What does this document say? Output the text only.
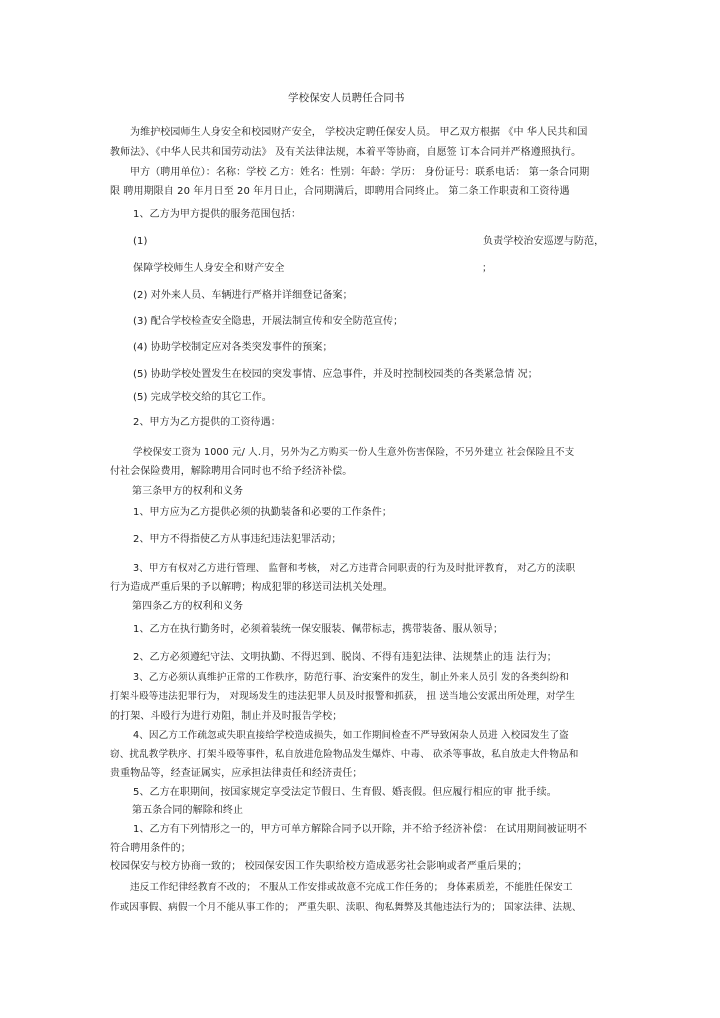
学校保安人员聘任合同书
为维护校园师生人身安全和校园财产安全， 学校决定聘任保安人员。 甲乙双方根据 《中 华人民共和国
教师法》、《中华人民共和国劳动法》 及有关法律法规，本着平等协商，自愿签 订本合同并严格遵照执行。
甲方（聘用单位）：名称：学校 乙方：姓名：性别：年龄：学历： 身份证号：联系电话： 第一条合同期
限 聘用期限自 20 年月日至 20 年月日止，合同期满后，即聘用合同终止。 第二条工作职责和工资待遇
1、乙方为甲方提供的服务范围包括：
(1)	负责学校治安巡逻与防范，
保障学校师生人身安全和财产安全	；
(2) 对外来人员、车辆进行严格并详细登记备案；
(3) 配合学校检查安全隐患，开展法制宣传和安全防范宣传；
(4) 协助学校制定应对各类突发事件的预案；
(5) 协助学校处置发生在校园的突发事情、应急事件，并及时控制校园类的各类紧急情 况；
(5) 完成学校交给的其它工作。
2、甲方为乙方提供的工资待遇：
学校保安工资为 1000 元/ 人.月，另外为乙方购买一份人生意外伤害保险，不另外建立 社会保险且不支
付社会保险费用，解除聘用合同时也不给予经济补偿。
第三条甲方的权利和义务
1、甲方应为乙方提供必须的执勤装备和必要的工作条件；
2、甲方不得指使乙方从事违纪违法犯罪活动；
3、甲方有权对乙方进行管理、 监督和考核， 对乙方违背合同职责的行为及时批评教育， 对乙方的渎职
行为造成严重后果的予以解聘；构成犯罪的移送司法机关处理。
第四条乙方的权利和义务
1、乙方在执行勤务时，必须着装统一保安服装、佩带标志，携带装备、服从领导；
2、乙方必须遵纪守法、文明执勤、不得迟到、脱岗、不得有违犯法律、法规禁止的违 法行为；
3、乙方必须认真维护正常的工作秩序，防范行事、治安案件的发生，制止外来人员引 发的各类纠纷和
打架斗殴等违法犯罪行为， 对现场发生的违法犯罪人员及时报警和抓获， 扭 送当地公安派出所处理，对学生
的打架、斗殴行为进行劝阻，制止并及时报告学校；
4、因乙方工作疏忽或失职直接给学校造成损失，如工作期间检查不严导致闲杂人员进 入校园发生了盗
窃、扰乱教学秩序、打架斗殴等事件，私自放进危险物品发生爆炸、中毒、 砍杀等事故，私自放走大件物品和
贵重物品等，经查证属实，应承担法律责任和经济责任；
5、乙方在职期间，按国家规定享受法定节假日、生育假、婚丧假。但应履行相应的审 批手续。
第五条合同的解除和终止
1、乙方有下列情形之一的，甲方可单方解除合同予以开除，并不给予经济补偿： 在试用期间被证明不
符合聘用条件的；
校园保安与校方协商一致的； 校园保安因工作失职给校方造成恶劣社会影响或者严重后果的；
违反工作纪律经教育不改的； 不服从工作安排或故意不完成工作任务的； 身体素质差，不能胜任保安工
作或因事假、病假一个月不能从事工作的； 严重失职、渎职、徇私舞弊及其他违法行为的； 国家法律、法规、
